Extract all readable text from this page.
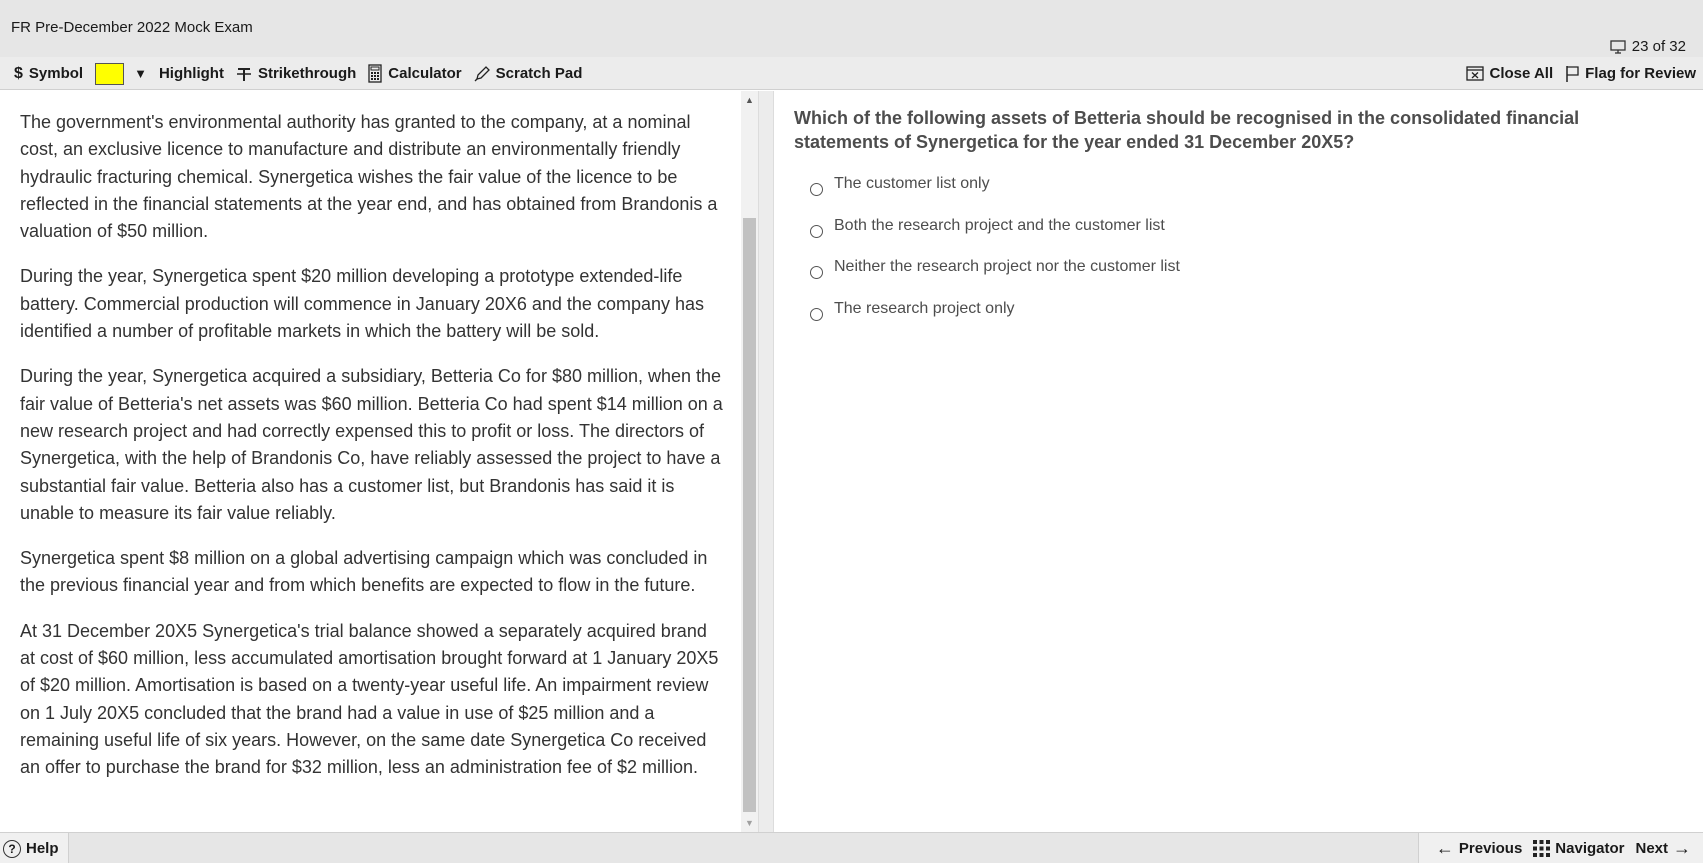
FR Pre-December 2022 Mock Exam
23 of 32
$ Symbol	▼ Highlight Strikethrough Calculator Scratch Pad	Close All Flag for Review

The government's environmental authority has granted to the company, at a nominal cost, an exclusive licence to manufacture and distribute an environmentally friendly hydraulic fracturing chemical. Synergetica wishes the fair value of the licence to be reflected in the financial statements at the year end, and has obtained from Brandonis a valuation of $50 million.

During the year, Synergetica spent $20 million developing a prototype extended-life battery. Commercial production will commence in January 20X6 and the company has identified a number of profitable markets in which the battery will be sold.

During the year, Synergetica acquired a subsidiary, Betteria Co for $80 million, when the fair value of Betteria's net assets was $60 million. Betteria Co had spent $14 million on a new research project and had correctly expensed this to profit or loss. The directors of Synergetica, with the help of Brandonis Co, have reliably assessed the project to have a substantial fair value. Betteria also has a customer list, but Brandonis has said it is unable to measure its fair value reliably.

Synergetica spent $8 million on a global advertising campaign which was concluded in the previous financial year and from which benefits are expected to flow in the future.

At 31 December 20X5 Synergetica's trial balance showed a separately acquired brand at cost of $60 million, less accumulated amortisation brought forward at 1 January 20X5 of $20 million. Amortisation is based on a twenty-year useful life. An impairment review on 1 July 20X5 concluded that the brand had a value in use of $25 million and a remaining useful life of six years. However, on the same date Synergetica Co received an offer to purchase the brand for $32 million, less an administration fee of $2 million.

▲
▼
Which of the following assets of Betteria should be recognised in the consolidated financial statements of Synergetica for the year ended 31 December 20X5?
The customer list only
Both the research project and the customer list
Neither the research project nor the customer list
The research project only
? Help	← Previous Navigator Next →
